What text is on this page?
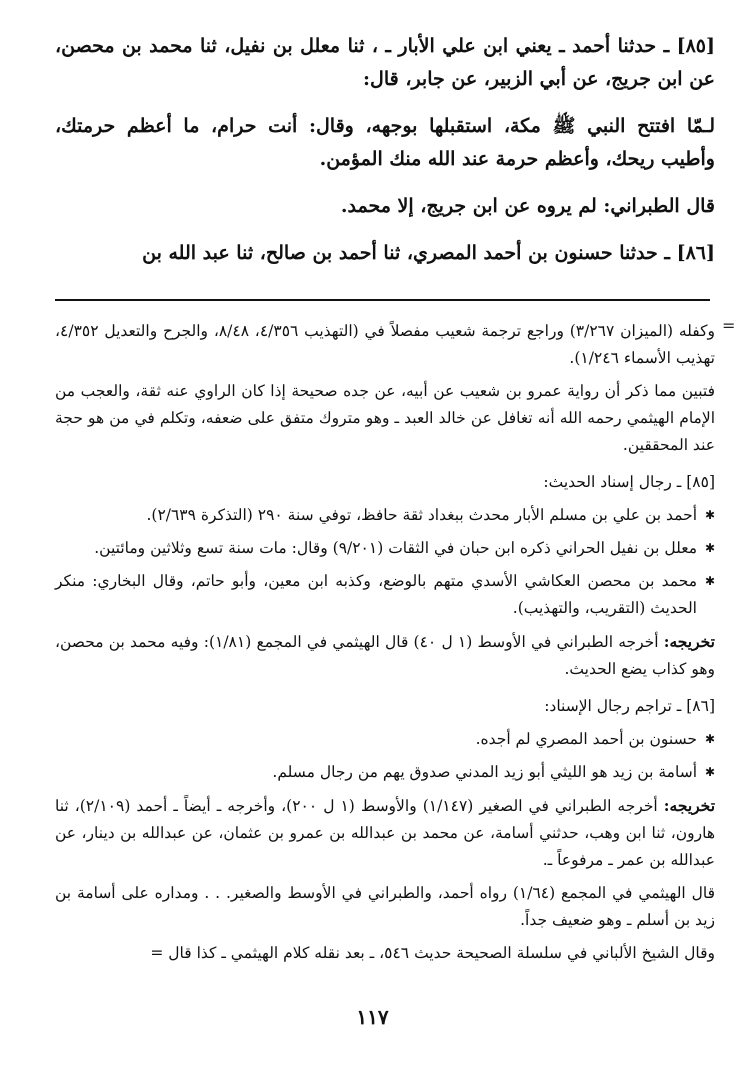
[٨٥] ـ حدثنا أحمد ـ يعني ابن علي الأبار ـ ، ثنا معلل بن نفيل، ثنا محمد بن محصن، عن ابن جريج، عن أبي الزبير، عن جابر، قال:

لـمّا افتتح النبي ﷺ مكة، استقبلها بوجهه، وقال: أنت حرام، ما أعظم حرمتك، وأطيب ريحك، وأعظم حرمة عند الله منك المؤمن.

قال الطبراني: لم يروه عن ابن جريج، إلا محمد.

[٨٦] ـ حدثنا حسنون بن أحمد المصري، ثنا أحمد بن صالح، ثنا عبد الله بن

=

وكفله (الميزان ٣/٢٦٧) وراجع ترجمة شعيب مفصلاً في (التهذيب ٤/٣٥٦، ٨/٤٨، والجرح والتعديل ٤/٣٥٢، تهذيب الأسماء ١/٢٤٦).

فتبين مما ذكر أن رواية عمرو بن شعيب عن أبيه، عن جده صحيحة إذا كان الراوي عنه ثقة، والعجب من الإمام الهيثمي رحمه الله أنه تغافل عن خالد العبد ـ وهو متروك متفق على ضعفه، وتكلم في من هو حجة عند المحققين.

[٨٥] ـ رجال إسناد الحديث:

✱ أحمد بن علي بن مسلم الأبار محدث ببغداد ثقة حافظ، توفي سنة ٢٩٠ (التذكرة ٢/٦٣٩).

✱ معلل بن نفيل الحراني ذكره ابن حبان في الثقات (٩/٢٠١) وقال: مات سنة تسع وثلاثين ومائتين.

✱ محمد بن محصن العكاشي الأسدي متهم بالوضع، وكذبه ابن معين، وأبو حاتم، وقال البخاري: منكر الحديث (التقريب، والتهذيب).

تخريجه: أخرجه الطبراني في الأوسط (١ ل ٤٠) قال الهيثمي في المجمع (١/٨١): وفيه محمد بن محصن، وهو كذاب يضع الحديث.

[٨٦] ـ تراجم رجال الإسناد:

✱ حسنون بن أحمد المصري لم أجده.

✱ أسامة بن زيد هو الليثي أبو زيد المدني صدوق يهم من رجال مسلم.

تخريجه: أخرجه الطبراني في الصغير (١/١٤٧) والأوسط (١ ل ٢٠٠)، وأخرجه ـ أيضاً ـ أحمد (٢/١٠٩)، ثنا هارون، ثنا ابن وهب، حدثني أسامة، عن محمد بن عبدالله بن عمرو بن عثمان، عن عبدالله بن دينار، عن عبدالله بن عمر ـ مرفوعاً ـ.

قال الهيثمي في المجمع (١/٦٤) رواه أحمد، والطبراني في الأوسط والصغير. . . ومداره على أسامة بن زيد بن أسلم ـ وهو ضعيف جداً.

وقال الشيخ الألباني في سلسلة الصحيحة حديث ٥٤٦، ـ بعد نقله كلام الهيثمي ـ كذا قال =

١١٧
